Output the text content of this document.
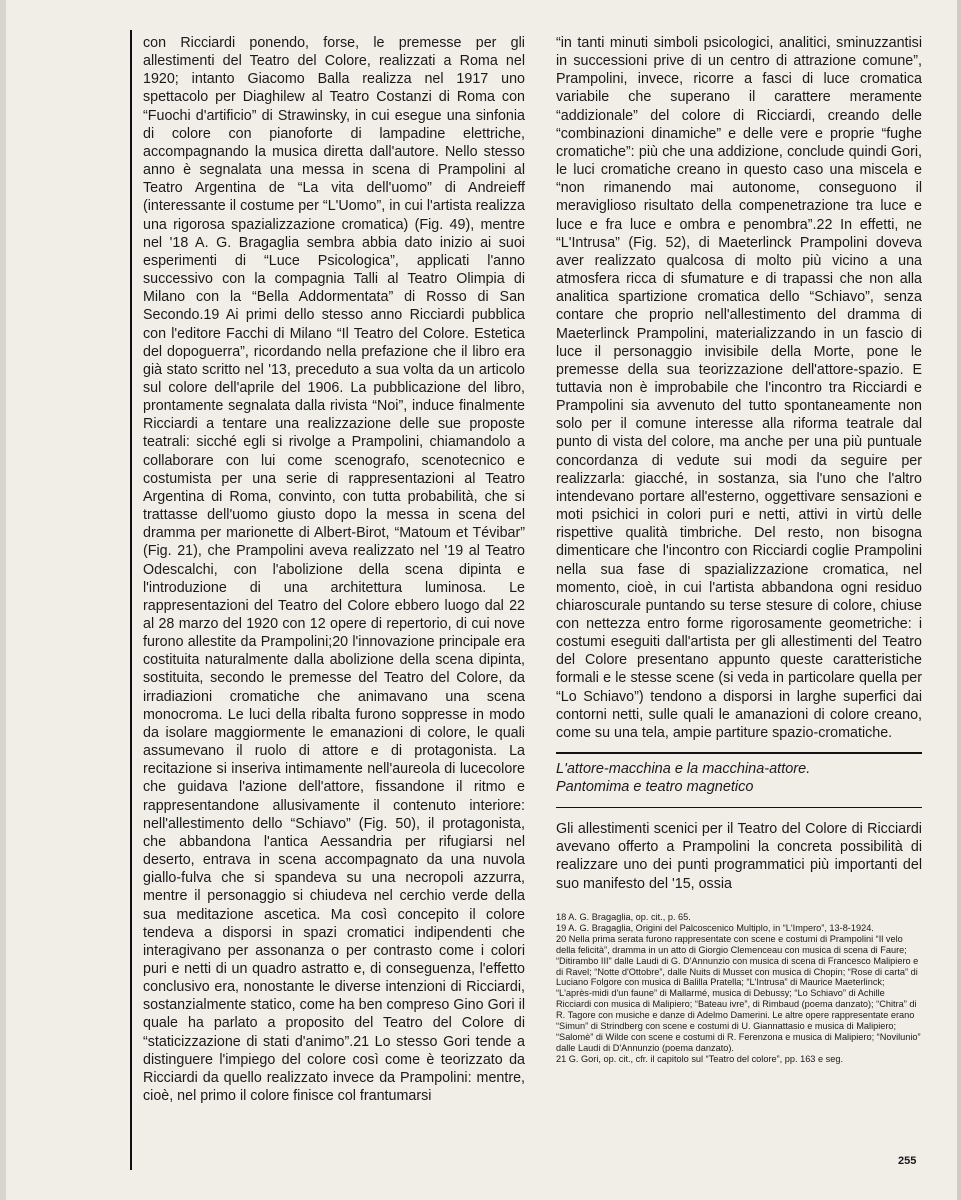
con Ricciardi ponendo, forse, le premesse per gli allestimenti del Teatro del Colore, realizzati a Roma nel 1920; intanto Giacomo Balla realizza nel 1917 uno spettacolo per Diaghilew al Teatro Costanzi di Roma con “Fuochi d'artificio” di Strawinsky, in cui esegue una sinfonia di colore con pianoforte di lampadine elettriche, accompagnando la musica diretta dall'autore. Nello stesso anno è segnalata una messa in scena di Prampolini al Teatro Argentina de “La vita dell'uomo” di Andreieff (interessante il costume per “L'Uomo”, in cui l'artista realizza una rigorosa spazializzazione cromatica) (Fig. 49), mentre nel '18 A. G. Bragaglia sembra abbia dato inizio ai suoi esperimenti di “Luce Psicologica”, applicati l'anno successivo con la compagnia Talli al Teatro Olimpia di Milano con la “Bella Addormentata” di Rosso di San Secondo.19 Ai primi dello stesso anno Ricciardi pubblica con l'editore Facchi di Milano “Il Teatro del Colore. Estetica del dopoguerra”, ricordando nella prefazione che il libro era già stato scritto nel '13, preceduto a sua volta da un articolo sul colore dell'aprile del 1906. La pubblicazione del libro, prontamente segnalata dalla rivista “Noi”, induce finalmente Ricciardi a tentare una realizzazione delle sue proposte teatrali: sicché egli si rivolge a Prampolini, chiamandolo a collaborare con lui come scenografo, scenotecnico e costumista per una serie di rappresentazioni al Teatro Argentina di Roma, convinto, con tutta probabilità, che si trattasse dell'uomo giusto dopo la messa in scena del dramma per marionette di Albert-Birot, “Matoum et Tévibar” (Fig. 21), che Prampolini aveva realizzato nel '19 al Teatro Odescalchi, con l'abolizione della scena dipinta e l'introduzione di una architettura luminosa. Le rappresentazioni del Teatro del Colore ebbero luogo dal 22 al 28 marzo del 1920 con 12 opere di repertorio, di cui nove furono allestite da Prampolini;20 l'innovazione principale era costituita naturalmente dalla abolizione della scena dipinta, sostituita, secondo le premesse del Teatro del Colore, da irradiazioni cromatiche che animavano una scena monocroma. Le luci della ribalta furono soppresse in modo da isolare maggiormente le emanazioni di colore, le quali assumevano il ruolo di attore e di protagonista. La recitazione si inseriva intimamente nell'aureola di lucecolore che guidava l'azione dell'attore, fissandone il ritmo e rappresentandone allusivamente il contenuto interiore: nell'allestimento dello “Schiavo” (Fig. 50), il protagonista, che abbandona l'antica Aessandria per rifugiarsi nel deserto, entrava in scena accompagnato da una nuvola giallo-fulva che si spandeva su una necropoli azzurra, mentre il personaggio si chiudeva nel cerchio verde della sua meditazione ascetica. Ma così concepito il colore tendeva a disporsi in spazi cromatici indipendenti che interagivano per assonanza o per contrasto come i colori puri e netti di un quadro astratto e, di conseguenza, l'effetto conclusivo era, nonostante le diverse intenzioni di Ricciardi, sostanzialmente statico, come ha ben compreso Gino Gori il quale ha parlato a proposito del Teatro del Colore di “staticizzazione di stati d'animo”.21 Lo stesso Gori tende a distinguere l'impiego del colore così come è teorizzato da Ricciardi da quello realizzato invece da Prampolini: mentre, cioè, nel primo il colore finisce col frantumarsi

“in tanti minuti simboli psicologici, analitici, sminuzzantisi in successioni prive di un centro di attrazione comune”, Prampolini, invece, ricorre a fasci di luce cromatica variabile che superano il carattere meramente “addizionale” del colore di Ricciardi, creando delle “combinazioni dinamiche” e delle vere e proprie “fughe cromatiche”: più che una addizione, conclude quindi Gori, le luci cromatiche creano in questo caso una miscela e “non rimanendo mai autonome, conseguono il meraviglioso risultato della compenetrazione tra luce e luce e fra luce e ombra e penombra”.22 In effetti, ne “L'Intrusa” (Fig. 52), di Maeterlinck Prampolini doveva aver realizzato qualcosa di molto più vicino a una atmosfera ricca di sfumature e di trapassi che non alla analitica spartizione cromatica dello “Schiavo”, senza contare che proprio nell'allestimento del dramma di Maeterlinck Prampolini, materializzando in un fascio di luce il personaggio invisibile della Morte, pone le premesse della sua teorizzazione dell'attore-spazio. E tuttavia non è improbabile che l'incontro tra Ricciardi e Prampolini sia avvenuto del tutto spontaneamente non solo per il comune interesse alla riforma teatrale dal punto di vista del colore, ma anche per una più puntuale concordanza di vedute sui modi da seguire per realizzarla: giacché, in sostanza, sia l'uno che l'altro intendevano portare all'esterno, oggettivare sensazioni e moti psichici in colori puri e netti, attivi in virtù delle rispettive qualità timbriche. Del resto, non bisogna dimenticare che l'incontro con Ricciardi coglie Prampolini nella sua fase di spazializzazione cromatica, nel momento, cioè, in cui l'artista abbandona ogni residuo chiaroscurale puntando su terse stesure di colore, chiuse con nettezza entro forme rigorosamente geometriche: i costumi eseguiti dall'artista per gli allestimenti del Teatro del Colore presentano appunto queste caratteristiche formali e le stesse scene (si veda in particolare quella per “Lo Schiavo”) tendono a disporsi in larghe superfici dai contorni netti, sulle quali le amanazioni di colore creano, come su una tela, ampie partiture spazio-cromatiche.

L'attore-macchina e la macchina-attore.
Pantomima e teatro magnetico

Gli allestimenti scenici per il Teatro del Colore di Ricciardi avevano offerto a Prampolini la concreta possibilità di realizzare uno dei punti programmatici più importanti del suo manifesto del '15, ossia

18 A. G. Bragaglia, op. cit., p. 65.

19 A. G. Bragaglia, Origini del Palcoscenico Multiplo, in “L'Impero”, 13-8-1924.

20 Nella prima serata furono rappresentate con scene e costumi di Prampolini “Il velo della felicità”, dramma in un atto di Giorgio Clemenceau con musica di scena di Faure; “Ditirambo III” dalle Laudi di G. D'Annunzio con musica di scena di Francesco Malipiero e di Ravel; “Notte d'Ottobre”, dalle Nuits di Musset con musica di Chopin; “Rose di carta” di Luciano Folgore con musica di Balilla Pratella; “L'Intrusa” di Maurice Maeterlinck; “L'après-midi d'un faune” di Mallarmé, musica di Debussy; “Lo Schiavo” di Achille Ricciardi con musica di Malipiero; “Bateau ivre”, di Rimbaud (poema danzato); “Chitra” di R. Tagore con musiche e danze di Adelmo Damerini. Le altre opere rappresentate erano “Simun” di Strindberg con scene e costumi di U. Giannattasio e musica di Malipiero; “Salomè” di Wilde con scene e costumi di R. Ferenzona e musica di Malipiero; “Novilunio” dalle Laudi di D'Annunzio (poema danzato).

21 G. Gori, op. cit., cfr. il capitolo sul “Teatro del colore”, pp. 163 e seg.

255
